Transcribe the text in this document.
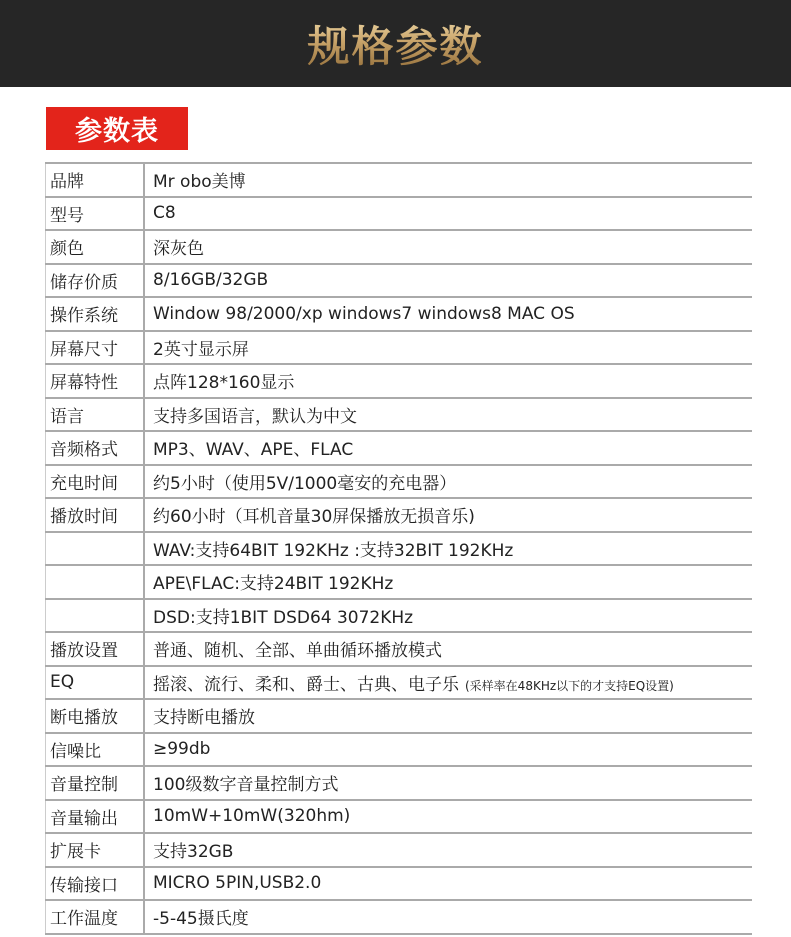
规格参数
参数表
品牌	Mr obo美博
型号	C8
颜色	深灰色
储存价质	8/16GB/32GB
操作系统	Window 98/2000/xp windows7 windows8 MAC OS
屏幕尺寸	2英寸显示屏
屏幕特性	点阵128*160显示
语言	支持多国语言，默认为中文
音频格式	MP3、WAV、APE、FLAC
充电时间	约5小时（使用5V/1000毫安的充电器）
播放时间	约60小时（耳机音量30屏保播放无损音乐)
	WAV:支持64BIT 192KHz :支持32BIT 192KHz
	APE\FLAC:支持24BIT 192KHz
	DSD:支持1BIT DSD64 3072KHz
播放设置	普通、随机、全部、单曲循环播放模式
EQ	摇滚、流行、柔和、爵士、古典、电子乐 (采样率在48KHz以下的才支持EQ设置)
断电播放	支持断电播放
信噪比	≥99db
音量控制	100级数字音量控制方式
音量输出	10mW+10mW(320hm)
扩展卡	支持32GB
传输接口	MICRO 5PIN,USB2.0
工作温度	-5-45摄氏度
